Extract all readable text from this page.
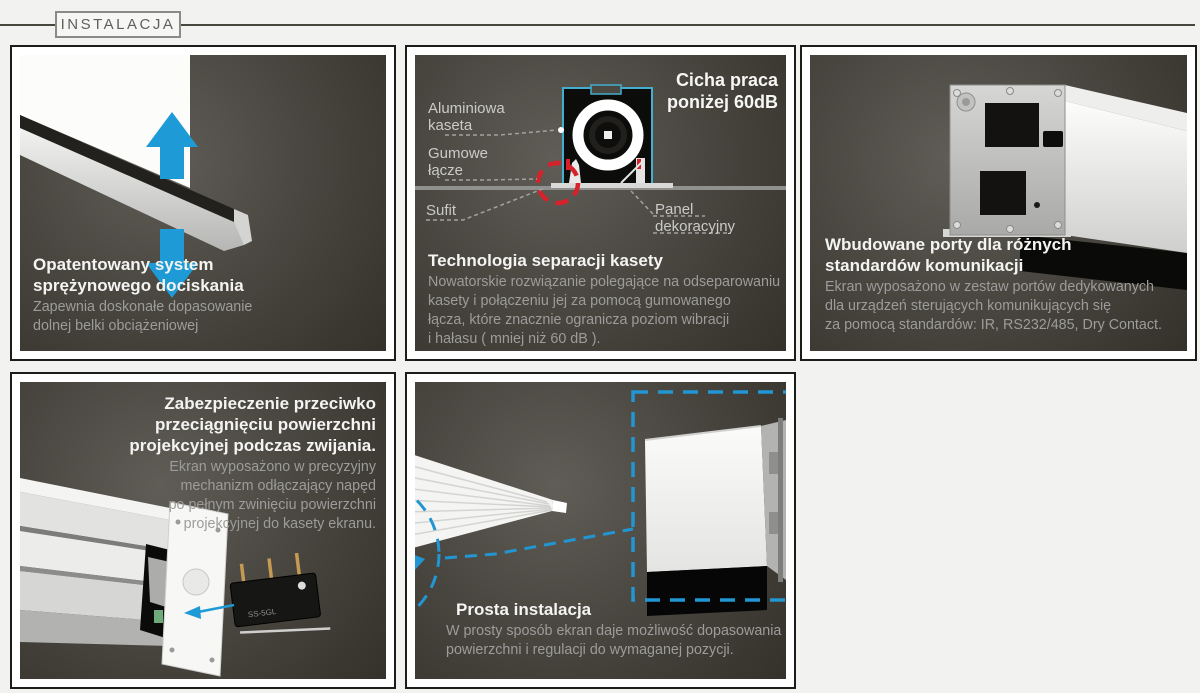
INSTALACJA
Opatentowany system
sprężynowego dociskania
Zapewnia doskonałe dopasowanie
dolnej belki obciążeniowej
Cicha praca
poniżej 60dB
Aluminiowa
kaseta
Gumowe
łącze
Sufit	Panel
dekoracyjny
Technologia separacji kasety
Nowatorskie rozwiązanie polegające na odseparowaniu
kasety i połączeniu jej za pomocą gumowanego
łącza, które znacznie ogranicza poziom wibracji
i hałasu ( mniej niż 60 dB ).
Wbudowane porty dla różnych
standardów komunikacji
Ekran wyposażono w zestaw portów dedykowanych
dla urządzeń sterujących komunikujących się
za pomocą standardów: IR, RS232/485, Dry Contact.
SS-5GL
Zabezpieczenie przeciwko
przeciągnięciu powierzchni
projekcyjnej podczas zwijania.
Ekran wyposażono w precyzyjny
mechanizm odłączający napęd
po pełnym zwinięciu powierzchni
projekcyjnej do kasety ekranu.
Prosta instalacja
W prosty sposób ekran daje możliwość dopasowania
powierzchni i regulacji do wymaganej pozycji.
